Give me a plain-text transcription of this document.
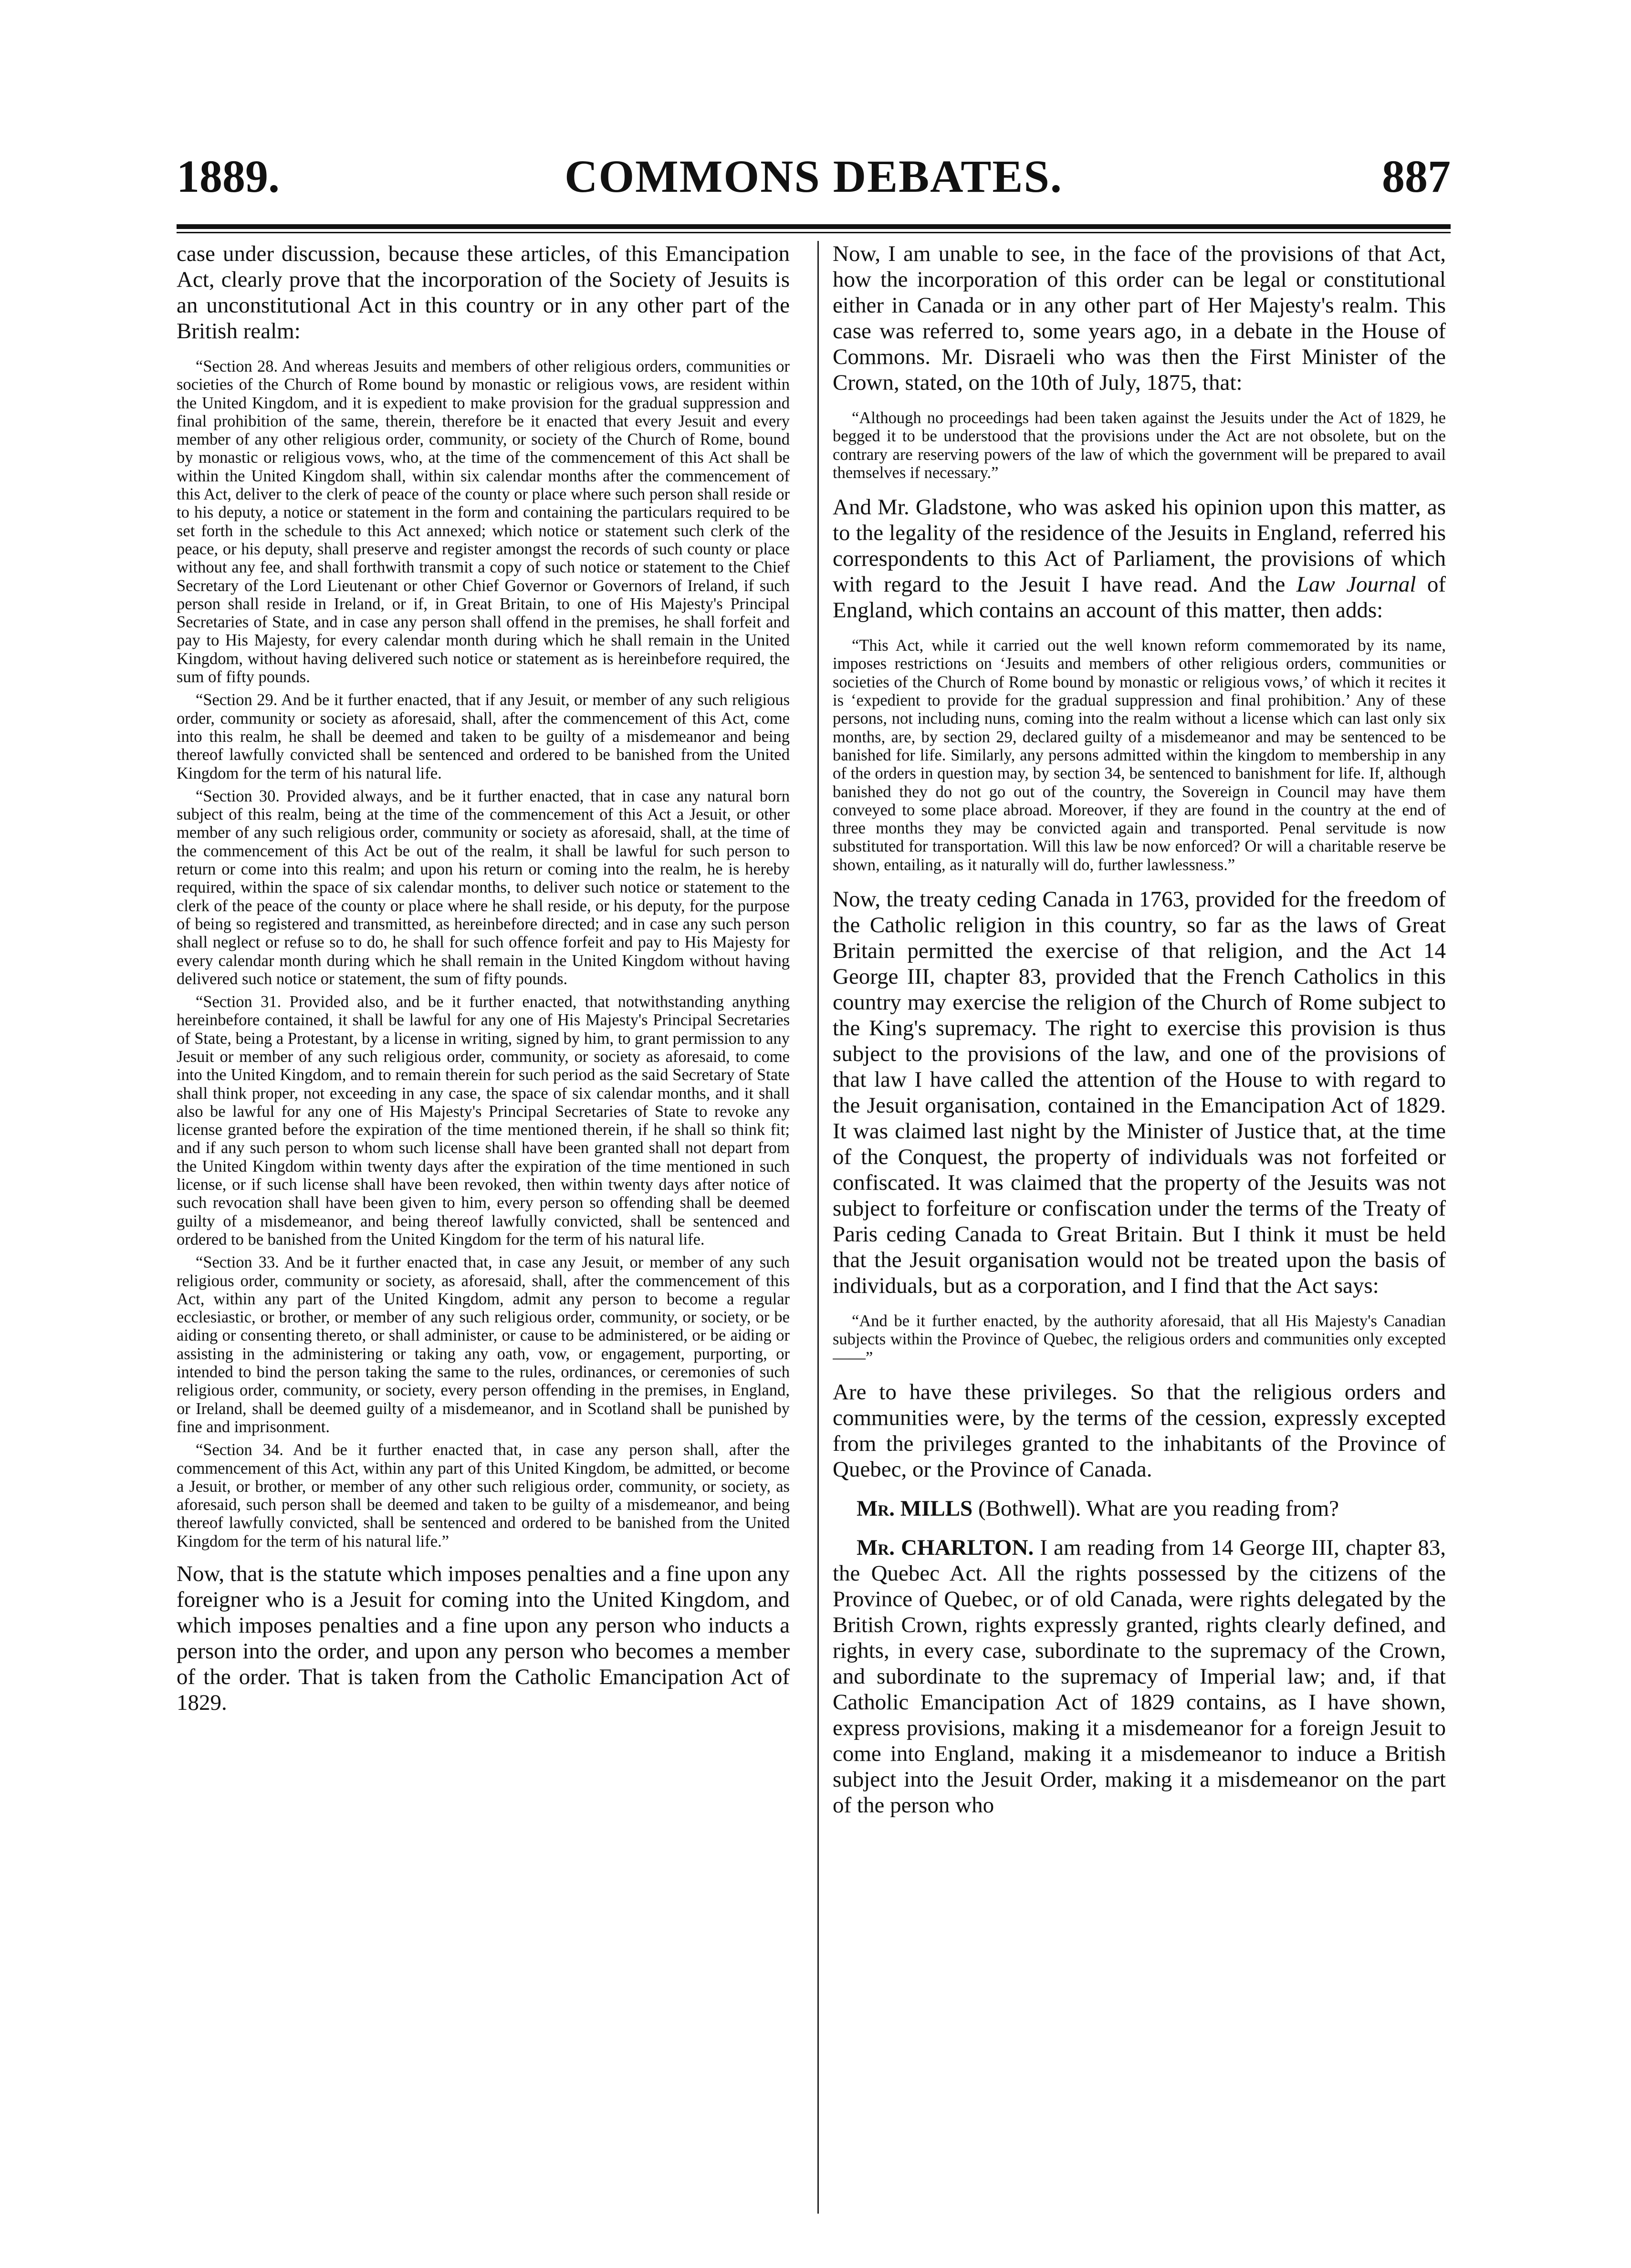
1889.	COMMONS DEBATES.	887

case under discussion, because these articles, of this Emancipation Act, clearly prove that the incorporation of the Society of Jesuits is an unconstitutional Act in this country or in any other part of the British realm:

“Section 28. And whereas Jesuits and members of other religious orders, communities or societies of the Church of Rome bound by monastic or religious vows, are resident within the United Kingdom, and it is expedient to make provision for the gradual suppression and final prohibition of the same, therein, therefore be it enacted that every Jesuit and every member of any other religious order, community, or society of the Church of Rome, bound by monastic or religious vows, who, at the time of the commencement of this Act shall be within the United Kingdom shall, within six calendar months after the commencement of this Act, deliver to the clerk of peace of the county or place where such person shall reside or to his deputy, a notice or statement in the form and containing the particulars required to be set forth in the schedule to this Act annexed; which notice or statement such clerk of the peace, or his deputy, shall preserve and register amongst the records of such county or place without any fee, and shall forthwith transmit a copy of such notice or statement to the Chief Secretary of the Lord Lieutenant or other Chief Governor or Governors of Ireland, if such person shall reside in Ireland, or if, in Great Britain, to one of His Majesty's Principal Secretaries of State, and in case any person shall offend in the premises, he shall forfeit and pay to His Majesty, for every calendar month during which he shall remain in the United Kingdom, without having delivered such notice or statement as is hereinbefore required, the sum of fifty pounds.

“Section 29. And be it further enacted, that if any Jesuit, or member of any such religious order, community or society as aforesaid, shall, after the commencement of this Act, come into this realm, he shall be deemed and taken to be guilty of a misdemeanor and being thereof lawfully convicted shall be sentenced and ordered to be banished from the United Kingdom for the term of his natural life.

“Section 30. Provided always, and be it further enacted, that in case any natural born subject of this realm, being at the time of the commencement of this Act a Jesuit, or other member of any such religious order, community or society as aforesaid, shall, at the time of the commencement of this Act be out of the realm, it shall be lawful for such person to return or come into this realm; and upon his return or coming into the realm, he is hereby required, within the space of six calendar months, to deliver such notice or statement to the clerk of the peace of the county or place where he shall reside, or his deputy, for the purpose of being so registered and transmitted, as hereinbefore directed; and in case any such person shall neglect or refuse so to do, he shall for such offence forfeit and pay to His Majesty for every calendar month during which he shall remain in the United Kingdom without having delivered such notice or statement, the sum of fifty pounds.

“Section 31. Provided also, and be it further enacted, that notwithstanding anything hereinbefore contained, it shall be lawful for any one of His Majesty's Principal Secretaries of State, being a Protestant, by a license in writing, signed by him, to grant permission to any Jesuit or member of any such religious order, community, or society as aforesaid, to come into the United Kingdom, and to remain therein for such period as the said Secretary of State shall think proper, not exceeding in any case, the space of six calendar months, and it shall also be lawful for any one of His Majesty's Principal Secretaries of State to revoke any license granted before the expiration of the time mentioned therein, if he shall so think fit; and if any such person to whom such license shall have been granted shall not depart from the United Kingdom within twenty days after the expiration of the time mentioned in such license, or if such license shall have been revoked, then within twenty days after notice of such revocation shall have been given to him, every person so offending shall be deemed guilty of a misdemeanor, and being thereof lawfully convicted, shall be sentenced and ordered to be banished from the United Kingdom for the term of his natural life.

“Section 33. And be it further enacted that, in case any Jesuit, or member of any such religious order, community or society, as aforesaid, shall, after the commencement of this Act, within any part of the United Kingdom, admit any person to become a regular ecclesiastic, or brother, or member of any such religious order, community, or society, or be aiding or consenting thereto, or shall administer, or cause to be administered, or be aiding or assisting in the administering or taking any oath, vow, or engagement, purporting, or intended to bind the person taking the same to the rules, ordinances, or ceremonies of such religious order, community, or society, every person offending in the premises, in England, or Ireland, shall be deemed guilty of a misdemeanor, and in Scotland shall be punished by fine and imprisonment.

“Section 34. And be it further enacted that, in case any person shall, after the commencement of this Act, within any part of this United Kingdom, be admitted, or become a Jesuit, or brother, or member of any other such religious order, community, or society, as aforesaid, such person shall be deemed and taken to be guilty of a misdemeanor, and being thereof lawfully convicted, shall be sentenced and ordered to be banished from the United Kingdom for the term of his natural life.”

Now, that is the statute which imposes penalties and a fine upon any foreigner who is a Jesuit for coming into the United Kingdom, and which imposes penalties and a fine upon any person who inducts a person into the order, and upon any person who becomes a member of the order. That is taken from the Catholic Emancipation Act of 1829.

Now, I am unable to see, in the face of the provisions of that Act, how the incorporation of this order can be legal or constitutional either in Canada or in any other part of Her Majesty's realm. This case was referred to, some years ago, in a debate in the House of Commons. Mr. Disraeli who was then the First Minister of the Crown, stated, on the 10th of July, 1875, that:

“Although no proceedings had been taken against the Jesuits under the Act of 1829, he begged it to be understood that the provisions under the Act are not obsolete, but on the contrary are reserving powers of the law of which the government will be prepared to avail themselves if necessary.”

And Mr. Gladstone, who was asked his opinion upon this matter, as to the legality of the residence of the Jesuits in England, referred his correspondents to this Act of Parliament, the provisions of which with regard to the Jesuit I have read. And the Law Journal of England, which contains an account of this matter, then adds:

“This Act, while it carried out the well known reform commemorated by its name, imposes restrictions on ‘Jesuits and members of other religious orders, communities or societies of the Church of Rome bound by monastic or religious vows,’ of which it recites it is ‘expedient to provide for the gradual suppression and final prohibition.’ Any of these persons, not including nuns, coming into the realm without a license which can last only six months, are, by section 29, declared guilty of a misdemeanor and may be sentenced to be banished for life. Similarly, any persons admitted within the kingdom to membership in any of the orders in question may, by section 34, be sentenced to banishment for life. If, although banished they do not go out of the country, the Sovereign in Council may have them conveyed to some place abroad. Moreover, if they are found in the country at the end of three months they may be convicted again and transported. Penal servitude is now substituted for transportation. Will this law be now enforced? Or will a charitable reserve be shown, entailing, as it naturally will do, further lawlessness.”

Now, the treaty ceding Canada in 1763, provided for the freedom of the Catholic religion in this country, so far as the laws of Great Britain permitted the exercise of that religion, and the Act 14 George III, chapter 83, provided that the French Catholics in this country may exercise the religion of the Church of Rome subject to the King's supremacy. The right to exercise this provision is thus subject to the provisions of the law, and one of the provisions of that law I have called the attention of the House to with regard to the Jesuit organisation, contained in the Emancipation Act of 1829. It was claimed last night by the Minister of Justice that, at the time of the Conquest, the property of individuals was not forfeited or confiscated. It was claimed that the property of the Jesuits was not subject to forfeiture or confiscation under the terms of the Treaty of Paris ceding Canada to Great Britain. But I think it must be held that the Jesuit organisation would not be treated upon the basis of individuals, but as a corporation, and I find that the Act says:

“And be it further enacted, by the authority aforesaid, that all His Majesty's Canadian subjects within the Province of Quebec, the religious orders and communities only excepted——”

Are to have these privileges. So that the religious orders and communities were, by the terms of the cession, expressly excepted from the privileges granted to the inhabitants of the Province of Quebec, or the Province of Canada.

Mr. MILLS (Bothwell). What are you reading from?

Mr. CHARLTON. I am reading from 14 George III, chapter 83, the Quebec Act. All the rights possessed by the citizens of the Province of Quebec, or of old Canada, were rights delegated by the British Crown, rights expressly granted, rights clearly defined, and rights, in every case, subordinate to the supremacy of the Crown, and subordinate to the supremacy of Imperial law; and, if that Catholic Emancipation Act of 1829 contains, as I have shown, express provisions, making it a misdemeanor for a foreign Jesuit to come into England, making it a misdemeanor to induce a British subject into the Jesuit Order, making it a misdemeanor on the part of the person who
